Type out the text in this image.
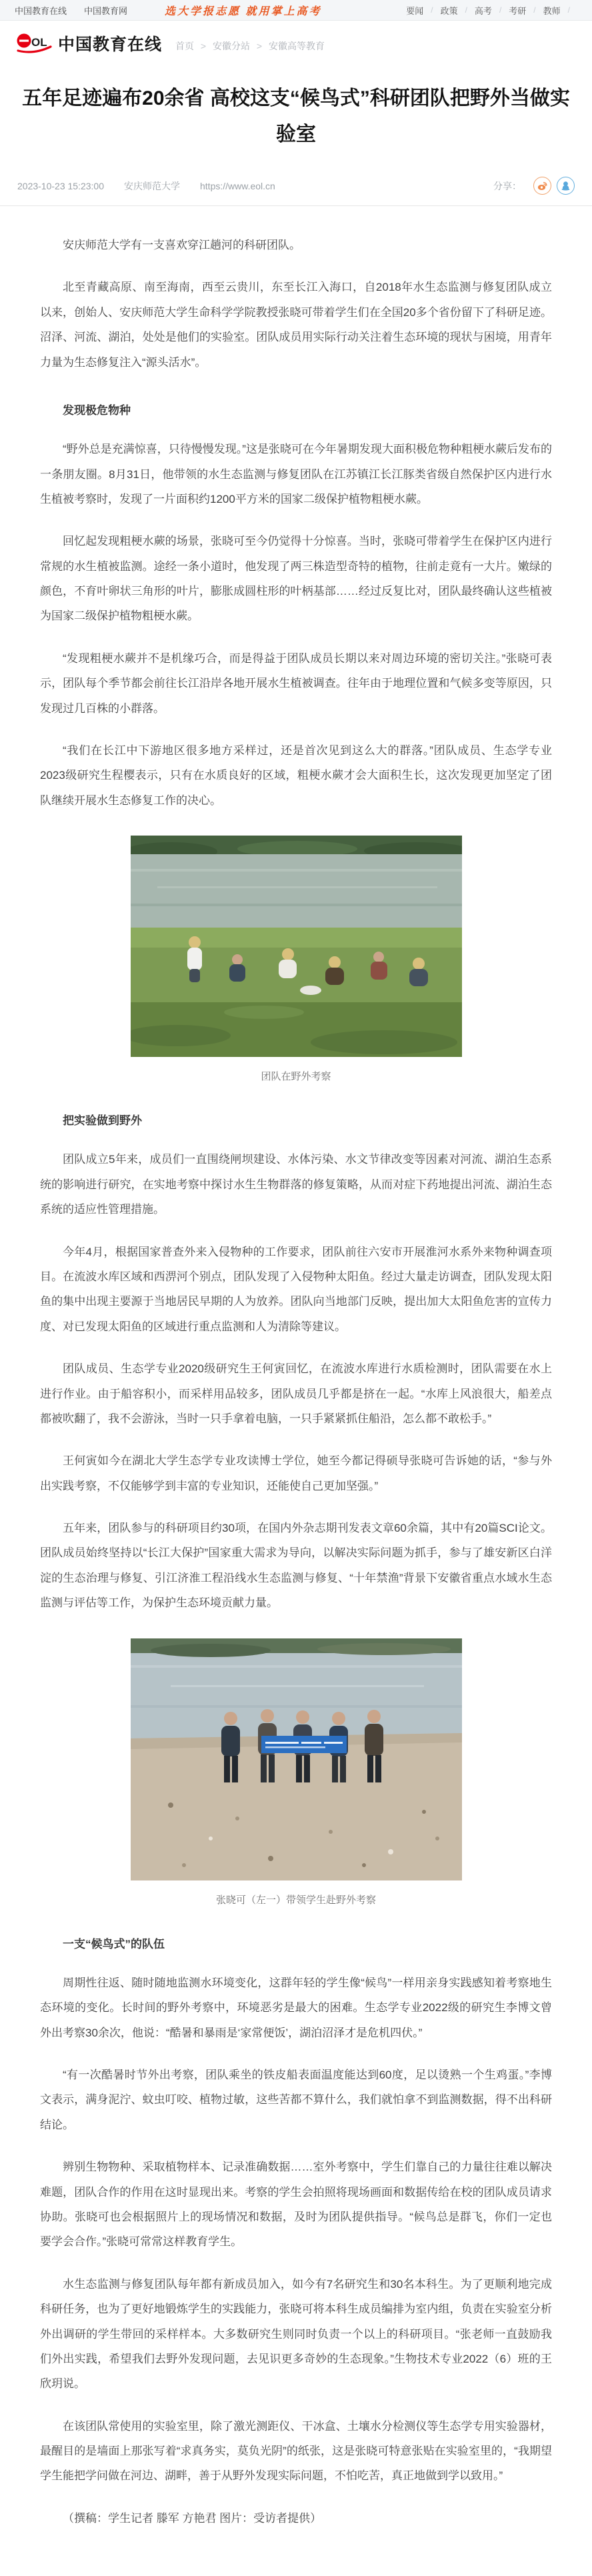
中国教育在线 中国教育网	选大学报志愿 就用掌上高考	要闻 / 政策 / 高考 / 考研 / 教师 /
OL 中国教育在线 首页 > 安徽分站 > 安徽高等教育
五年足迹遍布20余省 高校这支“候鸟式”科研团队把野外当做实验室
2023-10-23 15:23:00 安庆师范大学 https://www.eol.cn	分享：

安庆师范大学有一支喜欢穿江趟河的科研团队。

北至青藏高原、南至海南，西至云贵川，东至长江入海口，自2018年水生态监测与修复团队成立以来，创始人、安庆师范大学生命科学学院教授张晓可带着学生们在全国20多个省份留下了科研足迹。沼泽、河流、湖泊，处处是他们的实验室。团队成员用实际行动关注着生态环境的现状与困境，用青年力量为生态修复注入“源头活水”。

发现极危物种

“野外总是充满惊喜，只待慢慢发现。”这是张晓可在今年暑期发现大面积极危物种粗梗水蕨后发布的一条朋友圈。8月31日，他带领的水生态监测与修复团队在江苏镇江长江豚类省级自然保护区内进行水生植被考察时，发现了一片面积约1200平方米的国家二级保护植物粗梗水蕨。

回忆起发现粗梗水蕨的场景，张晓可至今仍觉得十分惊喜。当时，张晓可带着学生在保护区内进行常规的水生植被监测。途经一条小道时，他发现了两三株造型奇特的植物，往前走竟有一大片。嫩绿的颜色，不育叶卵状三角形的叶片，膨胀成圆柱形的叶柄基部……经过反复比对，团队最终确认这些植被为国家二级保护植物粗梗水蕨。

“发现粗梗水蕨并不是机缘巧合，而是得益于团队成员长期以来对周边环境的密切关注。”张晓可表示，团队每个季节都会前往长江沿岸各地开展水生植被调查。往年由于地理位置和气候多变等原因，只发现过几百株的小群落。

“我们在长江中下游地区很多地方采样过，还是首次见到这么大的群落。”团队成员、生态学专业2023级研究生程樱表示，只有在水质良好的区域，粗梗水蕨才会大面积生长，这次发现更加坚定了团队继续开展水生态修复工作的决心。

团队在野外考察
把实验做到野外

团队成立5年来，成员们一直围绕闸坝建设、水体污染、水文节律改变等因素对河流、湖泊生态系统的影响进行研究，在实地考察中探讨水生生物群落的修复策略，从而对症下药地提出河流、湖泊生态系统的适应性管理措施。

今年4月，根据国家普查外来入侵物种的工作要求，团队前往六安市开展淮河水系外来物种调查项目。在流波水库区域和西淠河个别点，团队发现了入侵物种太阳鱼。经过大量走访调查，团队发现太阳鱼的集中出现主要源于当地居民早期的人为放养。团队向当地部门反映，提出加大太阳鱼危害的宣传力度、对已发现太阳鱼的区域进行重点监测和人为清除等建议。

团队成员、生态学专业2020级研究生王何寅回忆，在流波水库进行水质检测时，团队需要在水上进行作业。由于船容积小，而采样用品较多，团队成员几乎都是挤在一起。“水库上风浪很大，船差点都被吹翻了，我不会游泳，当时一只手拿着电脑，一只手紧紧抓住船沿，怎么都不敢松手。”

王何寅如今在湖北大学生态学专业攻读博士学位，她至今都记得硕导张晓可告诉她的话，“参与外出实践考察，不仅能够学到丰富的专业知识，还能使自己更加坚强。”

五年来，团队参与的科研项目约30项，在国内外杂志期刊发表文章60余篇，其中有20篇SCI论文。团队成员始终坚持以“长江大保护”国家重大需求为导向，以解决实际问题为抓手，参与了雄安新区白洋淀的生态治理与修复、引江济淮工程沿线水生态监测与修复、“十年禁渔”背景下安徽省重点水域水生态监测与评估等工作，为保护生态环境贡献力量。

张晓可（左一）带领学生赴野外考察
一支“候鸟式”的队伍

周期性往返、随时随地监测水环境变化，这群年轻的学生像“候鸟”一样用亲身实践感知着考察地生态环境的变化。长时间的野外考察中，环境恶劣是最大的困难。生态学专业2022级的研究生李博文曾外出考察30余次，他说：“酷暑和暴雨是‘家常便饭’，湖泊沼泽才是危机四伏。”

“有一次酷暑时节外出考察，团队乘坐的铁皮船表面温度能达到60度，足以烫熟一个生鸡蛋。”李博文表示，满身泥泞、蚊虫叮咬、植物过敏，这些苦都不算什么，我们就怕拿不到监测数据，得不出科研结论。

辨别生物物种、采取植物样本、记录准确数据……室外考察中，学生们靠自己的力量往往难以解决难题，团队合作的作用在这时显现出来。考察的学生会拍照将现场画面和数据传给在校的团队成员请求协助。张晓可也会根据照片上的现场情况和数据，及时为团队提供指导。“候鸟总是群飞，你们一定也要学会合作。”张晓可常常这样教育学生。

水生态监测与修复团队每年都有新成员加入，如今有7名研究生和30名本科生。为了更顺利地完成科研任务，也为了更好地锻炼学生的实践能力，张晓可将本科生成员编排为室内组，负责在实验室分析外出调研的学生带回的采样样本。大多数研究生则同时负责一个以上的科研项目。“张老师一直鼓励我们外出实践，希望我们去野外发现问题，去见识更多奇妙的生态现象。”生物技术专业2022（6）班的王欣玥说。

在该团队常使用的实验室里，除了激光测距仪、干冰盒、土壤水分检测仪等生态学专用实验器材，最醒目的是墙面上那张写着“求真务实，莫负光阴”的纸张，这是张晓可特意张贴在实验室里的，“我期望学生能把学问做在河边、湖畔，善于从野外发现实际问题，不怕吃苦，真正地做到学以致用。”

（撰稿：学生记者 滕军 方艳君 图片：受访者提供）
